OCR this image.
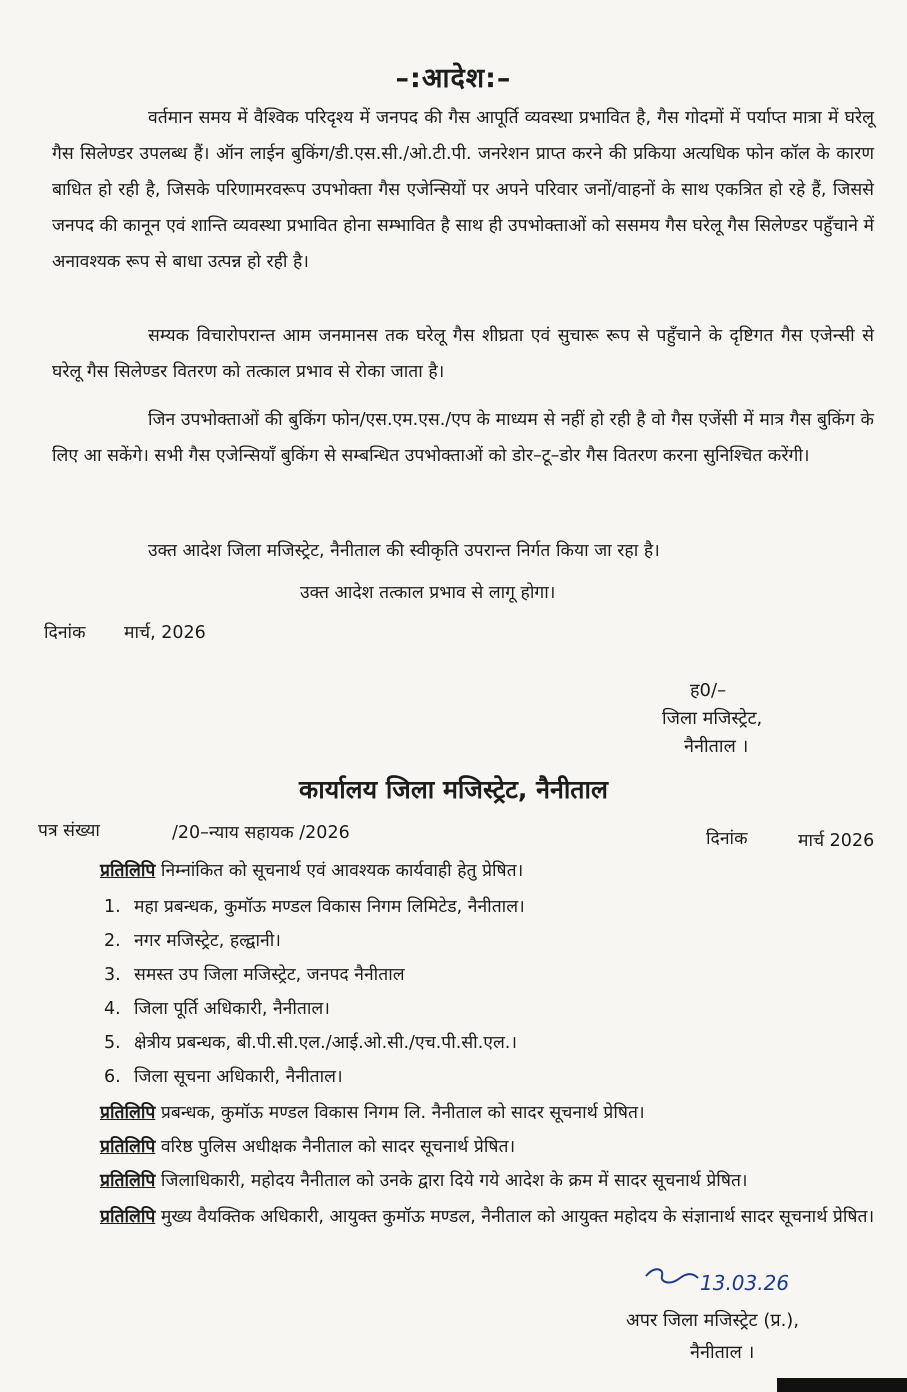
–:आदेश:–
वर्तमान समय में वैश्विक परिदृश्य में जनपद की गैस आपूर्ति व्यवस्था प्रभावित है, गैस गोदमों में पर्याप्त मात्रा में घरेलू गैस सिलेण्डर उपलब्ध हैं। ऑन लाईन बुकिंग/डी.एस.सी./ओ.टी.पी. जनरेशन प्राप्त करने की प्रकिया अत्यधिक फोन कॉल के कारण बाधित हो रही है, जिसके परिणामरवरूप उपभोक्ता गैस एजेन्सियों पर अपने परिवार जनों/वाहनों के साथ एकत्रित हो रहे हैं, जिससे जनपद की कानून एवं शान्ति व्यवस्था प्रभावित होना सम्भावित है साथ ही उपभोक्ताओं को ससमय गैस घरेलू गैस सिलेण्डर पहुँचाने में अनावश्यक रूप से बाधा उत्पन्न हो रही है।
सम्यक विचारोपरान्त आम जनमानस तक घरेलू गैस शीघ्रता एवं सुचारू रूप से पहुँचाने के दृष्टिगत गैस एजेन्सी से घरेलू गैस सिलेण्डर वितरण को तत्काल प्रभाव से रोका जाता है।
जिन उपभोक्ताओं की बुकिंग फोन/एस.एम.एस./एप के माध्यम से नहीं हो रही है वो गैस एजेंसी में मात्र गैस बुकिंग के लिए आ सकेंगे। सभी गैस एजेन्सियॉं बुकिंग से सम्बन्धित उपभोक्ताओं को डोर–टू–डोर गैस वितरण करना सुनिश्चित करेंगी।
उक्त आदेश जिला मजिस्ट्रेट, नैनीताल की स्वीकृति उपरान्त निर्गत किया जा रहा है।
उक्त आदेश तत्काल प्रभाव से लागू होगा।
दिनांक मार्च, 2026
ह0/–
जिला मजिस्ट्रेट,
नैनीताल ।
कार्यालय जिला मजिस्ट्रेट, नैनीताल
पत्र संख्या	/20–न्याय सहायक /2026	दिनांक	मार्च 2026
प्रतिलिपि निम्नांकित को सूचनार्थ एवं आवश्यक कार्यवाही हेतु प्रेषित।
1. महा प्रबन्धक, कुमॉऊ मण्डल विकास निगम लिमिटेड, नैनीताल।
2. नगर मजिस्ट्रेट, हल्द्वानी।
3. समस्त उप जिला मजिस्ट्रेट, जनपद नैनीताल
4. जिला पूर्ति अधिकारी, नैनीताल।
5. क्षेत्रीय प्रबन्धक, बी.पी.सी.एल./आई.ओ.सी./एच.पी.सी.एल.।
6. जिला सूचना अधिकारी, नैनीताल।
प्रतिलिपि प्रबन्धक, कुमॉऊ मण्डल विकास निगम लि. नैनीताल को सादर सूचनार्थ प्रेषित।
प्रतिलिपि वरिष्ठ पुलिस अधीक्षक नैनीताल को सादर सूचनार्थ प्रेषित।
प्रतिलिपि जिलाधिकारी, महोदय नैनीताल को उनके द्वारा दिये गये आदेश के क्रम में सादर सूचनार्थ प्रेषित।
प्रतिलिपि मुख्य वैयक्तिक अधिकारी, आयुक्त कुमॉऊ मण्डल, नैनीताल को आयुक्त महोदय के संज्ञानार्थ सादर सूचनार्थ प्रेषित।
13.03.26
अपर जिला मजिस्ट्रेट (प्र.),
नैनीताल ।
